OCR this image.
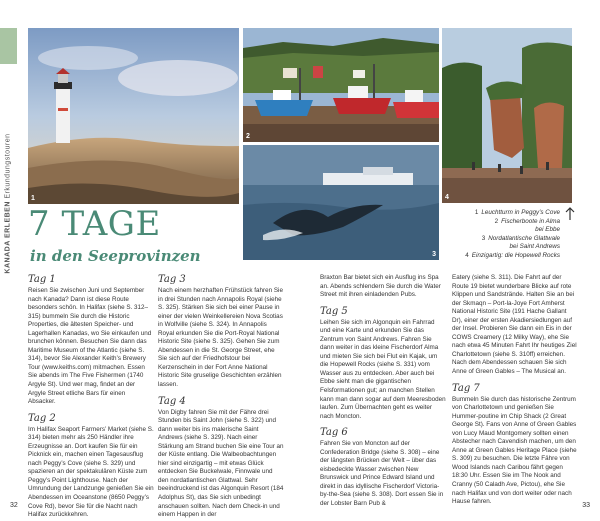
KANADA ERLEBEN Erkundungstouren	1
2
3
4
1 Leuchtturm in Peggy’s Cove
2 Fischerboote in Alma
bei Ebbe
3 Nordatlantische Glattwale
bei Saint Andrews
4 Einzigartig: die Hopewell Rocks
7 TAGE
in den Seeprovinzen
Tag 1

Reisen Sie zwischen Juni und September nach Kanada? Dann ist diese Route besonders schön. In Halifax (siehe S. 312–315) bummeln Sie durch die Historic Properties, die ältesten Speicher- und Lagerhallen Kanadas, wo Sie einkaufen und brunchen können. Besuchen Sie dann das Maritime Museum of the Atlantic (siehe S. 314), bevor Sie Alexander Keith’s Brewery Tour (www.keiths.com) mitmachen. Essen Sie abends im The Five Fishermen (1740 Argyle St). Und wer mag, findet an der Argyle Street etliche Bars für einen Absacker.

Tag 2

Im Halifax Seaport Farmers’ Market (siehe S. 314) bieten mehr als 250 Händler ihre Erzeugnisse an. Dort kaufen Sie für ein Picknick ein, machen einen Tagesausflug nach Peggy’s Cove (siehe S. 329) und spazieren an der spektakulären Küste zum Peggy’s Point Lighthouse. Nach der Umrundung der Landzunge genießen Sie ein Abendessen im Oceanstone (8650 Peggy’s Cove Rd), bevor Sie für die Nacht nach Halifax zurückkehren.

Tag 3

Nach einem herzhaften Frühstück fahren Sie in drei Stunden nach Annapolis Royal (siehe S. 325). Stärken Sie sich bei einer Pause in einer der vielen Weinkellereien Nova Scotias in Wolfville (siehe S. 324). In Annapolis Royal erkunden Sie die Port-Royal National Historic Site (siehe S. 325). Gehen Sie zum Abendessen in die St. George Street, ehe Sie sich auf der Friedhofstour bei Kerzenschein in der Fort Anne National Historic Site gruselige Geschichten erzählen lassen.

Tag 4

Von Digby fahren Sie mit der Fähre drei Stunden bis Saint John (siehe S. 322) und dann weiter bis ins malerische Saint Andrews (siehe S. 329). Nach einer Stärkung am Strand buchen Sie eine Tour an der Küste entlang. Die Walbeobachtungen hier sind einzigartig – mit etwas Glück entdecken Sie Buckelwale, Finnwale und den nordatlantischen Glattwal. Sehr beeindruckend ist das Algonquin Resort (184 Adolphus St), das Sie sich unbedingt anschauen sollten. Nach dem Check-in und einem Happen in der

Braxton Bar bietet sich ein Ausflug ins Spa an. Abends schlendern Sie durch die Water Street mit ihren einladenden Pubs.

Tag 5

Leihen Sie sich im Algonquin ein Fahrrad und eine Karte und erkunden Sie das Zentrum von Saint Andrews. Fahren Sie dann weiter in das kleine Fischerdorf Alma und mieten Sie sich bei Flut ein Kajak, um die Hopewell Rocks (siehe S. 331) vom Wasser aus zu entdecken. Aber auch bei Ebbe sieht man die gigantischen Felsformationen gut; an manchen Stellen kann man dann sogar auf dem Meeresboden laufen. Zum Übernachten geht es weiter nach Moncton.

Tag 6

Fahren Sie von Moncton auf der Confederation Bridge (siehe S. 308) – eine der längsten Brücken der Welt – über das eisbedeckte Wasser zwischen New Brunswick und Prince Edward Island und direkt in das idyllische Fischerdorf Victoria-by-the-Sea (siehe S. 308). Dort essen Sie in der Lobster Barn Pub &

Eatery (siehe S. 311). Die Fahrt auf der Route 19 bietet wunderbare Blicke auf rote Klippen und Sandstrände. Halten Sie an bei der Skmaqn – Port-la-Joye Fort Amherst National Historic Site (191 Hache Gallant Dr), einer der ersten Akadiersiedlungen auf der Insel. Probieren Sie dann ein Eis in der COWS Creamery (12 Milky Way), ehe Sie nach etwa 45 Minuten Fahrt Ihr heutiges Ziel Charlottetown (siehe S. 310ff) erreichen. Nach dem Abendessen schauen Sie sich Anne of Green Gables – The Musical an.

Tag 7

Bummeln Sie durch das historische Zentrum von Charlottetown und genießen Sie Hummer-poutine im Chip Shack (2 Great George St). Fans von Anne of Green Gables von Lucy Maud Montgomery sollten einen Abstecher nach Cavendish machen, um den Anne at Green Gables Heritage Place (siehe S. 309) zu besuchen. Die letzte Fähre von Wood Islands nach Caribou fährt gegen 18:30 Uhr. Essen Sie im The Nook and Cranny (50 Caladh Ave, Pictou), ehe Sie nach Halifax und von dort weiter oder nach Hause fahren.

32	33
